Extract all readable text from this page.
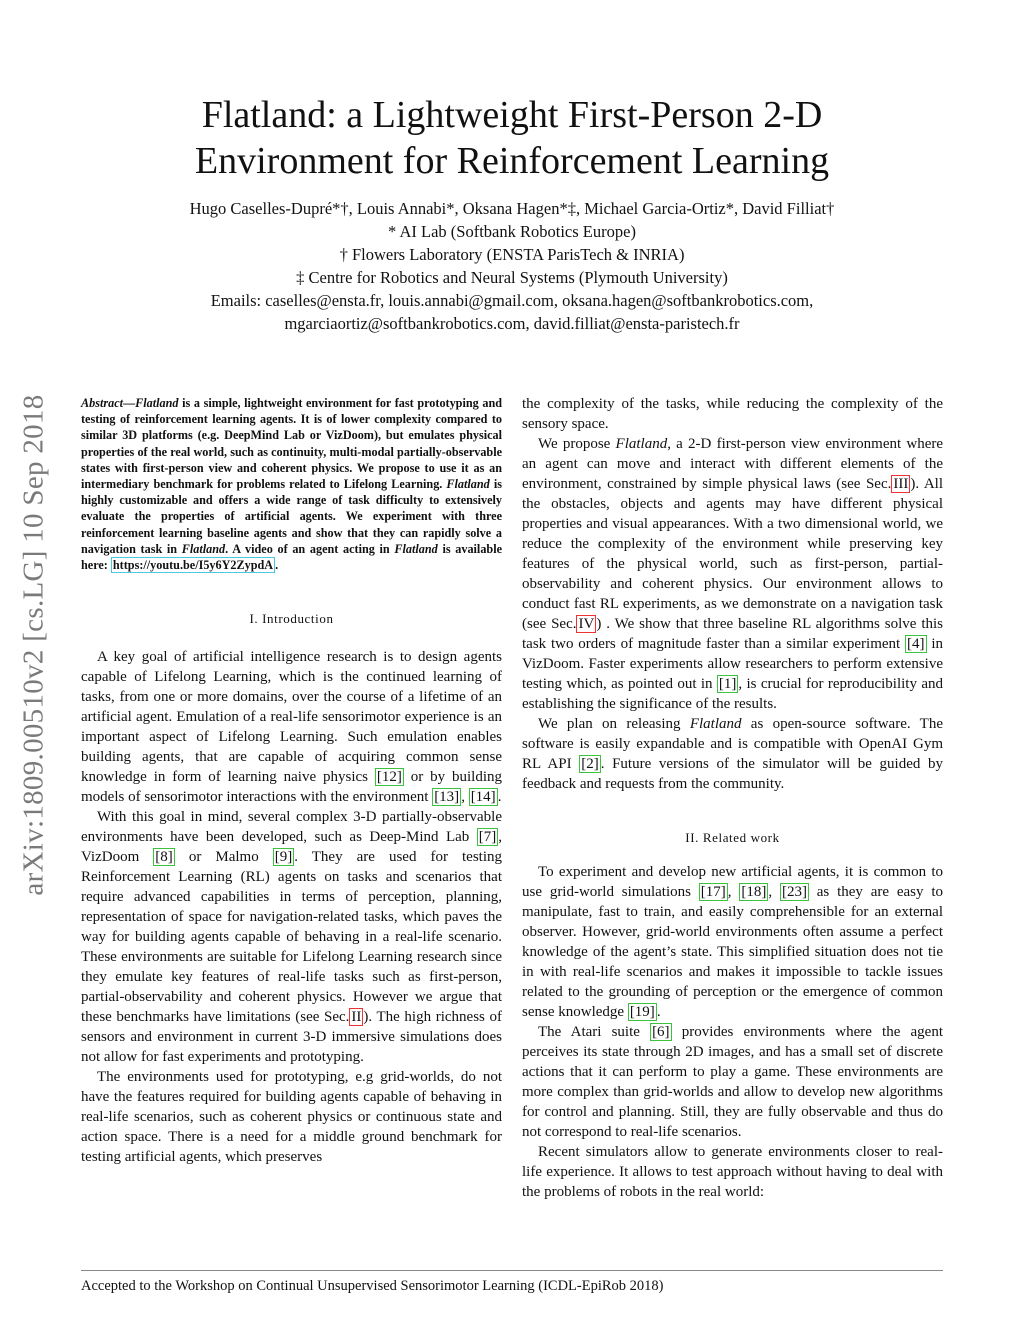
Flatland: a Lightweight First-Person 2-D
Environment for Reinforcement Learning
Hugo Caselles-Dupré*†, Louis Annabi*, Oksana Hagen*‡, Michael Garcia-Ortiz*, David Filliat†
* AI Lab (Softbank Robotics Europe)
† Flowers Laboratory (ENSTA ParisTech & INRIA)
‡ Centre for Robotics and Neural Systems (Plymouth University)
Emails: caselles@ensta.fr, louis.annabi@gmail.com, oksana.hagen@softbankrobotics.com,
mgarciaortiz@softbankrobotics.com, david.filliat@ensta-paristech.fr
arXiv:1809.00510v2 [cs.LG] 10 Sep 2018	Abstract—Flatland is a simple, lightweight environment for fast prototyping and testing of reinforcement learning agents. It is of lower complexity compared to similar 3D platforms (e.g. DeepMind Lab or VizDoom), but emulates physical properties of the real world, such as continuity, multi-modal partially-observable states with first-person view and coherent physics. We propose to use it as an intermediary benchmark for problems related to Lifelong Learning. Flatland is highly customizable and offers a wide range of task difficulty to extensively evaluate the properties of artificial agents. We experiment with three reinforcement learning baseline agents and show that they can rapidly solve a navigation task in Flatland. A video of an agent acting in Flatland is available here: https://youtu.be/I5y6Y2ZypdA .
I. Introduction

A key goal of artificial intelligence research is to design agents capable of Lifelong Learning, which is the continued learning of tasks, from one or more domains, over the course of a lifetime of an artificial agent. Emulation of a real-life sensorimotor experience is an important aspect of Lifelong Learning. Such emulation enables building agents, that are capable of acquiring common sense knowledge in form of learning naive physics [12] or by building models of sensorimotor interactions with the environment [13] , [14] .

With this goal in mind, several complex 3-D partially-observable environments have been developed, such as Deep-Mind Lab [7] , VizDoom [8] or Malmo [9] . They are used for testing Reinforcement Learning (RL) agents on tasks and scenarios that require advanced capabilities in terms of perception, planning, representation of space for navigation-related tasks, which paves the way for building agents capable of behaving in a real-life scenario. These environments are suitable for Lifelong Learning research since they emulate key features of real-life tasks such as first-person, partial-observability and coherent physics. However we argue that these benchmarks have limitations (see Sec. II ). The high richness of sensors and environment in current 3-D immersive simulations does not allow for fast experiments and prototyping.

The environments used for prototyping, e.g grid-worlds, do not have the features required for building agents capable of behaving in real-life scenarios, such as coherent physics or continuous state and action space. There is a need for a middle ground benchmark for testing artificial agents, which preserves

the complexity of the tasks, while reducing the complexity of the sensory space.

We propose Flatland, a 2-D first-person view environment where an agent can move and interact with different elements of the environment, constrained by simple physical laws (see Sec. III ). All the obstacles, objects and agents may have different physical properties and visual appearances. With a two dimensional world, we reduce the complexity of the environment while preserving key features of the physical world, such as first-person, partial-observability and coherent physics. Our environment allows to conduct fast RL experiments, as we demonstrate on a navigation task (see Sec. IV ) . We show that three baseline RL algorithms solve this task two orders of magnitude faster than a similar experiment [4] in VizDoom. Faster experiments allow researchers to perform extensive testing which, as pointed out in [1] , is crucial for reproducibility and establishing the significance of the results.

We plan on releasing Flatland as open-source software. The software is easily expandable and is compatible with OpenAI Gym RL API [2] . Future versions of the simulator will be guided by feedback and requests from the community.

II. Related work

To experiment and develop new artificial agents, it is common to use grid-world simulations [17] , [18] , [23] as they are easy to manipulate, fast to train, and easily comprehensible for an external observer. However, grid-world environments often assume a perfect knowledge of the agent’s state. This simplified situation does not tie in with real-life scenarios and makes it impossible to tackle issues related to the grounding of perception or the emergence of common sense knowledge [19] .

The Atari suite [6] provides environments where the agent perceives its state through 2D images, and has a small set of discrete actions that it can perform to play a game. These environments are more complex than grid-worlds and allow to develop new algorithms for control and planning. Still, they are fully observable and thus do not correspond to real-life scenarios.

Recent simulators allow to generate environments closer to real-life experience. It allows to test approach without having to deal with the problems of robots in the real world:

Accepted to the Workshop on Continual Unsupervised Sensorimotor Learning (ICDL-EpiRob 2018)
